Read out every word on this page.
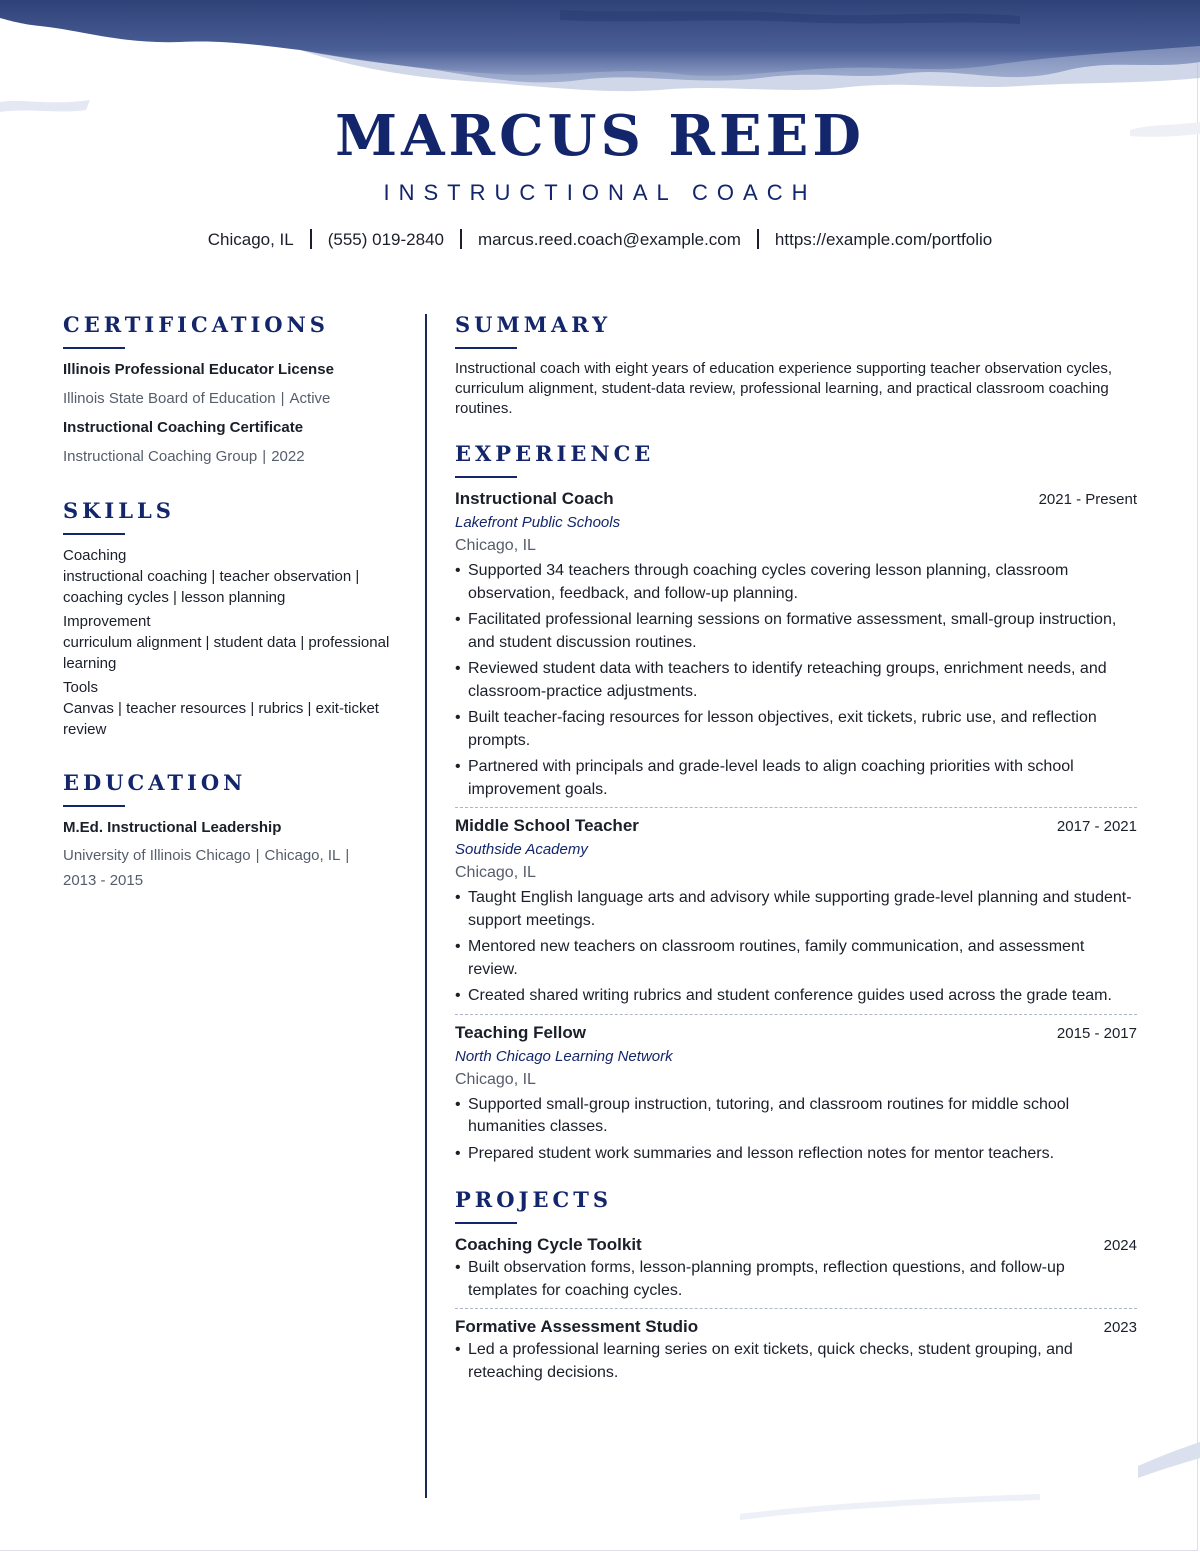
MARCUS REED
INSTRUCTIONAL COACH
Chicago, IL (555) 019-2840 marcus.reed.coach@example.com https://example.com/portfolio
CERTIFICATIONS
Illinois Professional Educator License
Illinois State Board of Education | Active
Instructional Coaching Certificate
Instructional Coaching Group | 2022
SKILLS
Coaching
instructional coaching | teacher observation | coaching cycles | lesson planning
Improvement
curriculum alignment | student data | professional learning
Tools
Canvas | teacher resources | rubrics | exit-ticket review
EDUCATION
M.Ed. Instructional Leadership
University of Illinois Chicago | Chicago, IL |
2013 - 2015
SUMMARY
Instructional coach with eight years of education experience supporting teacher observation cycles, curriculum alignment, student-data review, professional learning, and practical classroom coaching routines.
EXPERIENCE
Instructional Coach	2021 - Present
Lakefront Public Schools
Chicago, IL
• Supported 34 teachers through coaching cycles covering lesson planning, classroom observation, feedback, and follow-up planning.
• Facilitated professional learning sessions on formative assessment, small-group instruction, and student discussion routines.
• Reviewed student data with teachers to identify reteaching groups, enrichment needs, and classroom-practice adjustments.
• Built teacher-facing resources for lesson objectives, exit tickets, rubric use, and reflection prompts.
• Partnered with principals and grade-level leads to align coaching priorities with school improvement goals.
Middle School Teacher	2017 - 2021
Southside Academy
Chicago, IL
• Taught English language arts and advisory while supporting grade-level planning and student-support meetings.
• Mentored new teachers on classroom routines, family communication, and assessment review.
• Created shared writing rubrics and student conference guides used across the grade team.
Teaching Fellow	2015 - 2017
North Chicago Learning Network
Chicago, IL
• Supported small-group instruction, tutoring, and classroom routines for middle school humanities classes.
• Prepared student work summaries and lesson reflection notes for mentor teachers.
PROJECTS
Coaching Cycle Toolkit	2024
• Built observation forms, lesson-planning prompts, reflection questions, and follow-up templates for coaching cycles.
Formative Assessment Studio	2023
• Led a professional learning series on exit tickets, quick checks, student grouping, and reteaching decisions.
